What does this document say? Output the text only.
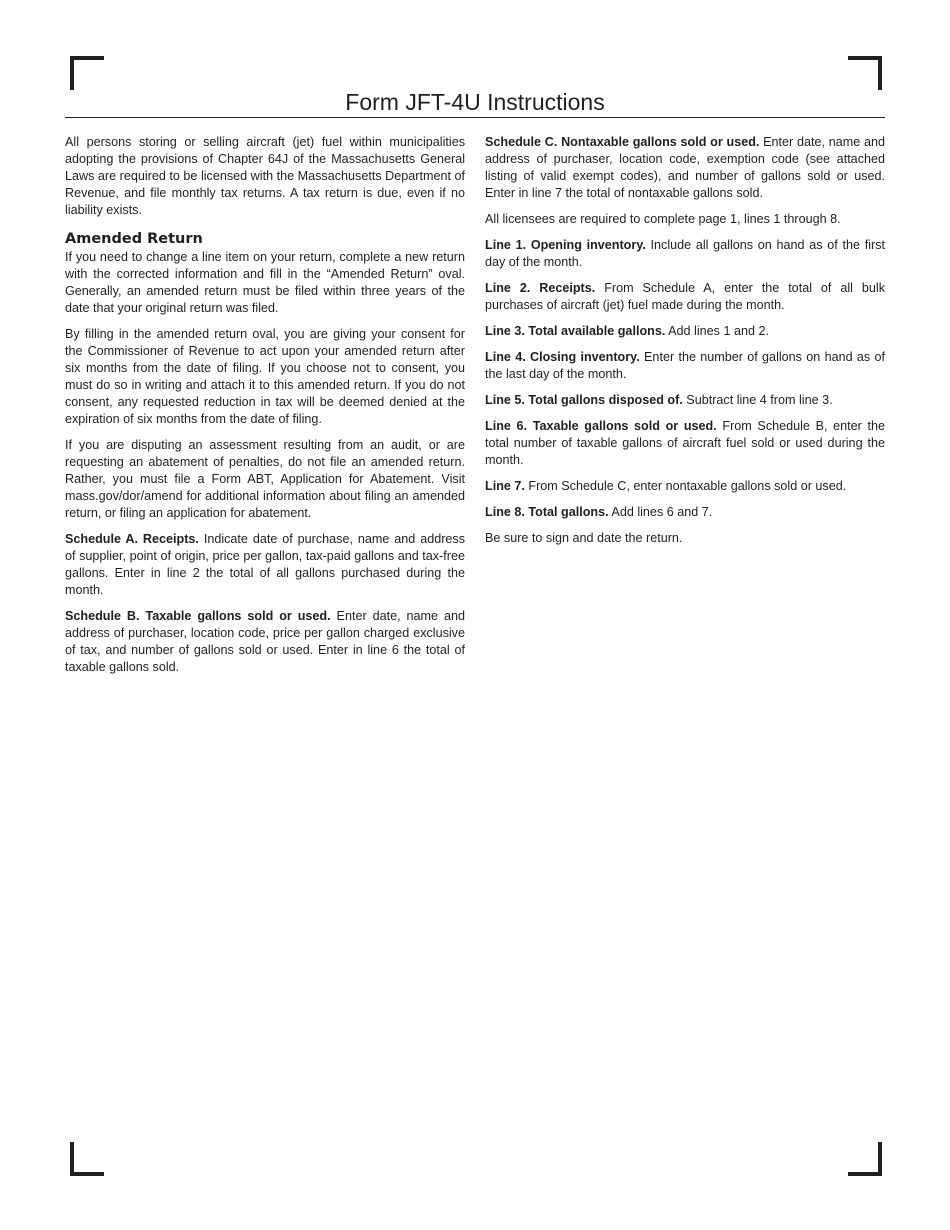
Form JFT-4U Instructions

All persons storing or selling aircraft (jet) fuel within municipalities adopting the provisions of Chapter 64J of the Massachusetts General Laws are required to be licensed with the Massachusetts Department of Revenue, and file monthly tax returns. A tax return is due, even if no liability exists.

Amended Return

If you need to change a line item on your return, complete a new return with the corrected information and fill in the “Amended Return” oval. Generally, an amended return must be filed within three years of the date that your original return was filed.

By filling in the amended return oval, you are giving your consent for the Commissioner of Revenue to act upon your amended return after six months from the date of filing. If you choose not to consent, you must do so in writing and attach it to this amended return. If you do not consent, any requested reduction in tax will be deemed denied at the expiration of six months from the date of filing.

If you are disputing an assessment resulting from an audit, or are requesting an abatement of penalties, do not file an amended return. Rather, you must file a Form ABT, Application for Abatement. Visit mass.gov/dor/amend for additional information about filing an amended return, or filing an application for abatement.

Schedule A. Receipts. Indicate date of purchase, name and address of supplier, point of origin, price per gallon, tax-paid gallons and tax-free gallons. Enter in line 2 the total of all gallons purchased during the month.

Schedule B. Taxable gallons sold or used. Enter date, name and address of purchaser, location code, price per gallon charged exclusive of tax, and number of gallons sold or used. Enter in line 6 the total of taxable gallons sold.

Schedule C. Nontaxable gallons sold or used. Enter date, name and address of purchaser, location code, exemption code (see attached listing of valid exempt codes), and number of gallons sold or used. Enter in line 7 the total of nontaxable gallons sold.

All licensees are required to complete page 1, lines 1 through 8.

Line 1. Opening inventory. Include all gallons on hand as of the first day of the month.

Line 2. Receipts. From Schedule A, enter the total of all bulk purchases of aircraft (jet) fuel made during the month.

Line 3. Total available gallons. Add lines 1 and 2.

Line 4. Closing inventory. Enter the number of gallons on hand as of the last day of the month.

Line 5. Total gallons disposed of. Subtract line 4 from line 3.

Line 6. Taxable gallons sold or used. From Schedule B, enter the total number of taxable gallons of aircraft fuel sold or used during the month.

Line 7. From Schedule C, enter nontaxable gallons sold or used.

Line 8. Total gallons. Add lines 6 and 7.

Be sure to sign and date the return.
